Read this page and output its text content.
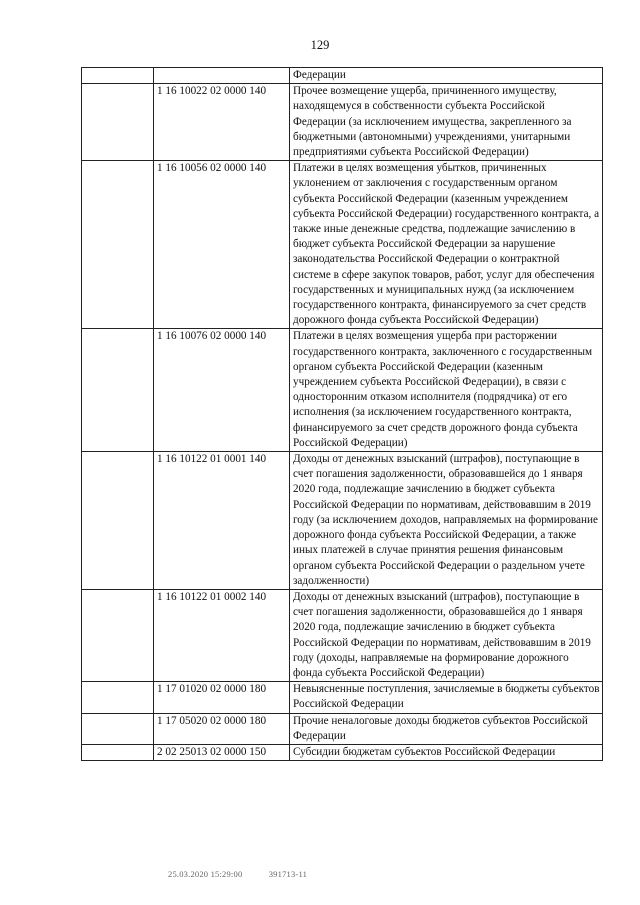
129
		Федерации
	1 16 10022 02 0000 140	Прочее возмещение ущерба, причиненного имуществу, находящемуся в собственности субъекта Российской Федерации (за исключением имущества, закрепленного за бюджетными (автономными) учреждениями, унитарными предприятиями субъекта Российской Федерации)
	1 16 10056 02 0000 140	Платежи в целях возмещения убытков, причиненных уклонением от заключения с государственным органом субъекта Российской Федерации (казенным учреждением субъекта Российской Федерации) государственного контракта, а также иные денежные средства, подлежащие зачислению в бюджет субъекта Российской Федерации за нарушение законодательства Российской Федерации о контрактной системе в сфере закупок товаров, работ, услуг для обеспечения государственных и муниципальных нужд (за исключением государственного контракта, финансируемого за счет средств дорожного фонда субъекта Российской Федерации)
	1 16 10076 02 0000 140	Платежи в целях возмещения ущерба при расторжении государственного контракта, заключенного с государственным органом субъекта Российской Федерации (казенным учреждением субъекта Российской Федерации), в связи с односторонним отказом исполнителя (подрядчика) от его исполнения (за исключением государственного контракта, финансируемого за счет средств дорожного фонда субъекта Российской Федерации)
	1 16 10122 01 0001 140	Доходы от денежных взысканий (штрафов), поступающие в счет погашения задолженности, образовавшейся до 1 января 2020 года, подлежащие зачислению в бюджет субъекта Российской Федерации по нормативам, действовавшим в 2019 году (за исключением доходов, направляемых на формирование дорожного фонда субъекта Российской Федерации, а также иных платежей в случае принятия решения финансовым органом субъекта Российской Федерации о раздельном учете задолженности)
	1 16 10122 01 0002 140	Доходы от денежных взысканий (штрафов), поступающие в счет погашения задолженности, образовавшейся до 1 января 2020 года, подлежащие зачислению в бюджет субъекта Российской Федерации по нормативам, действовавшим в 2019 году (доходы, направляемые на формирование дорожного фонда субъекта Российской Федерации)
	1 17 01020 02 0000 180	Невыясненные поступления, зачисляемые в бюджеты субъектов Российской Федерации
	1 17 05020 02 0000 180	Прочие неналоговые доходы бюджетов субъектов Российской Федерации
	2 02 25013 02 0000 150	Субсидии бюджетам субъектов Российской Федерации
25.03.2020 15:29:00	391713-11
